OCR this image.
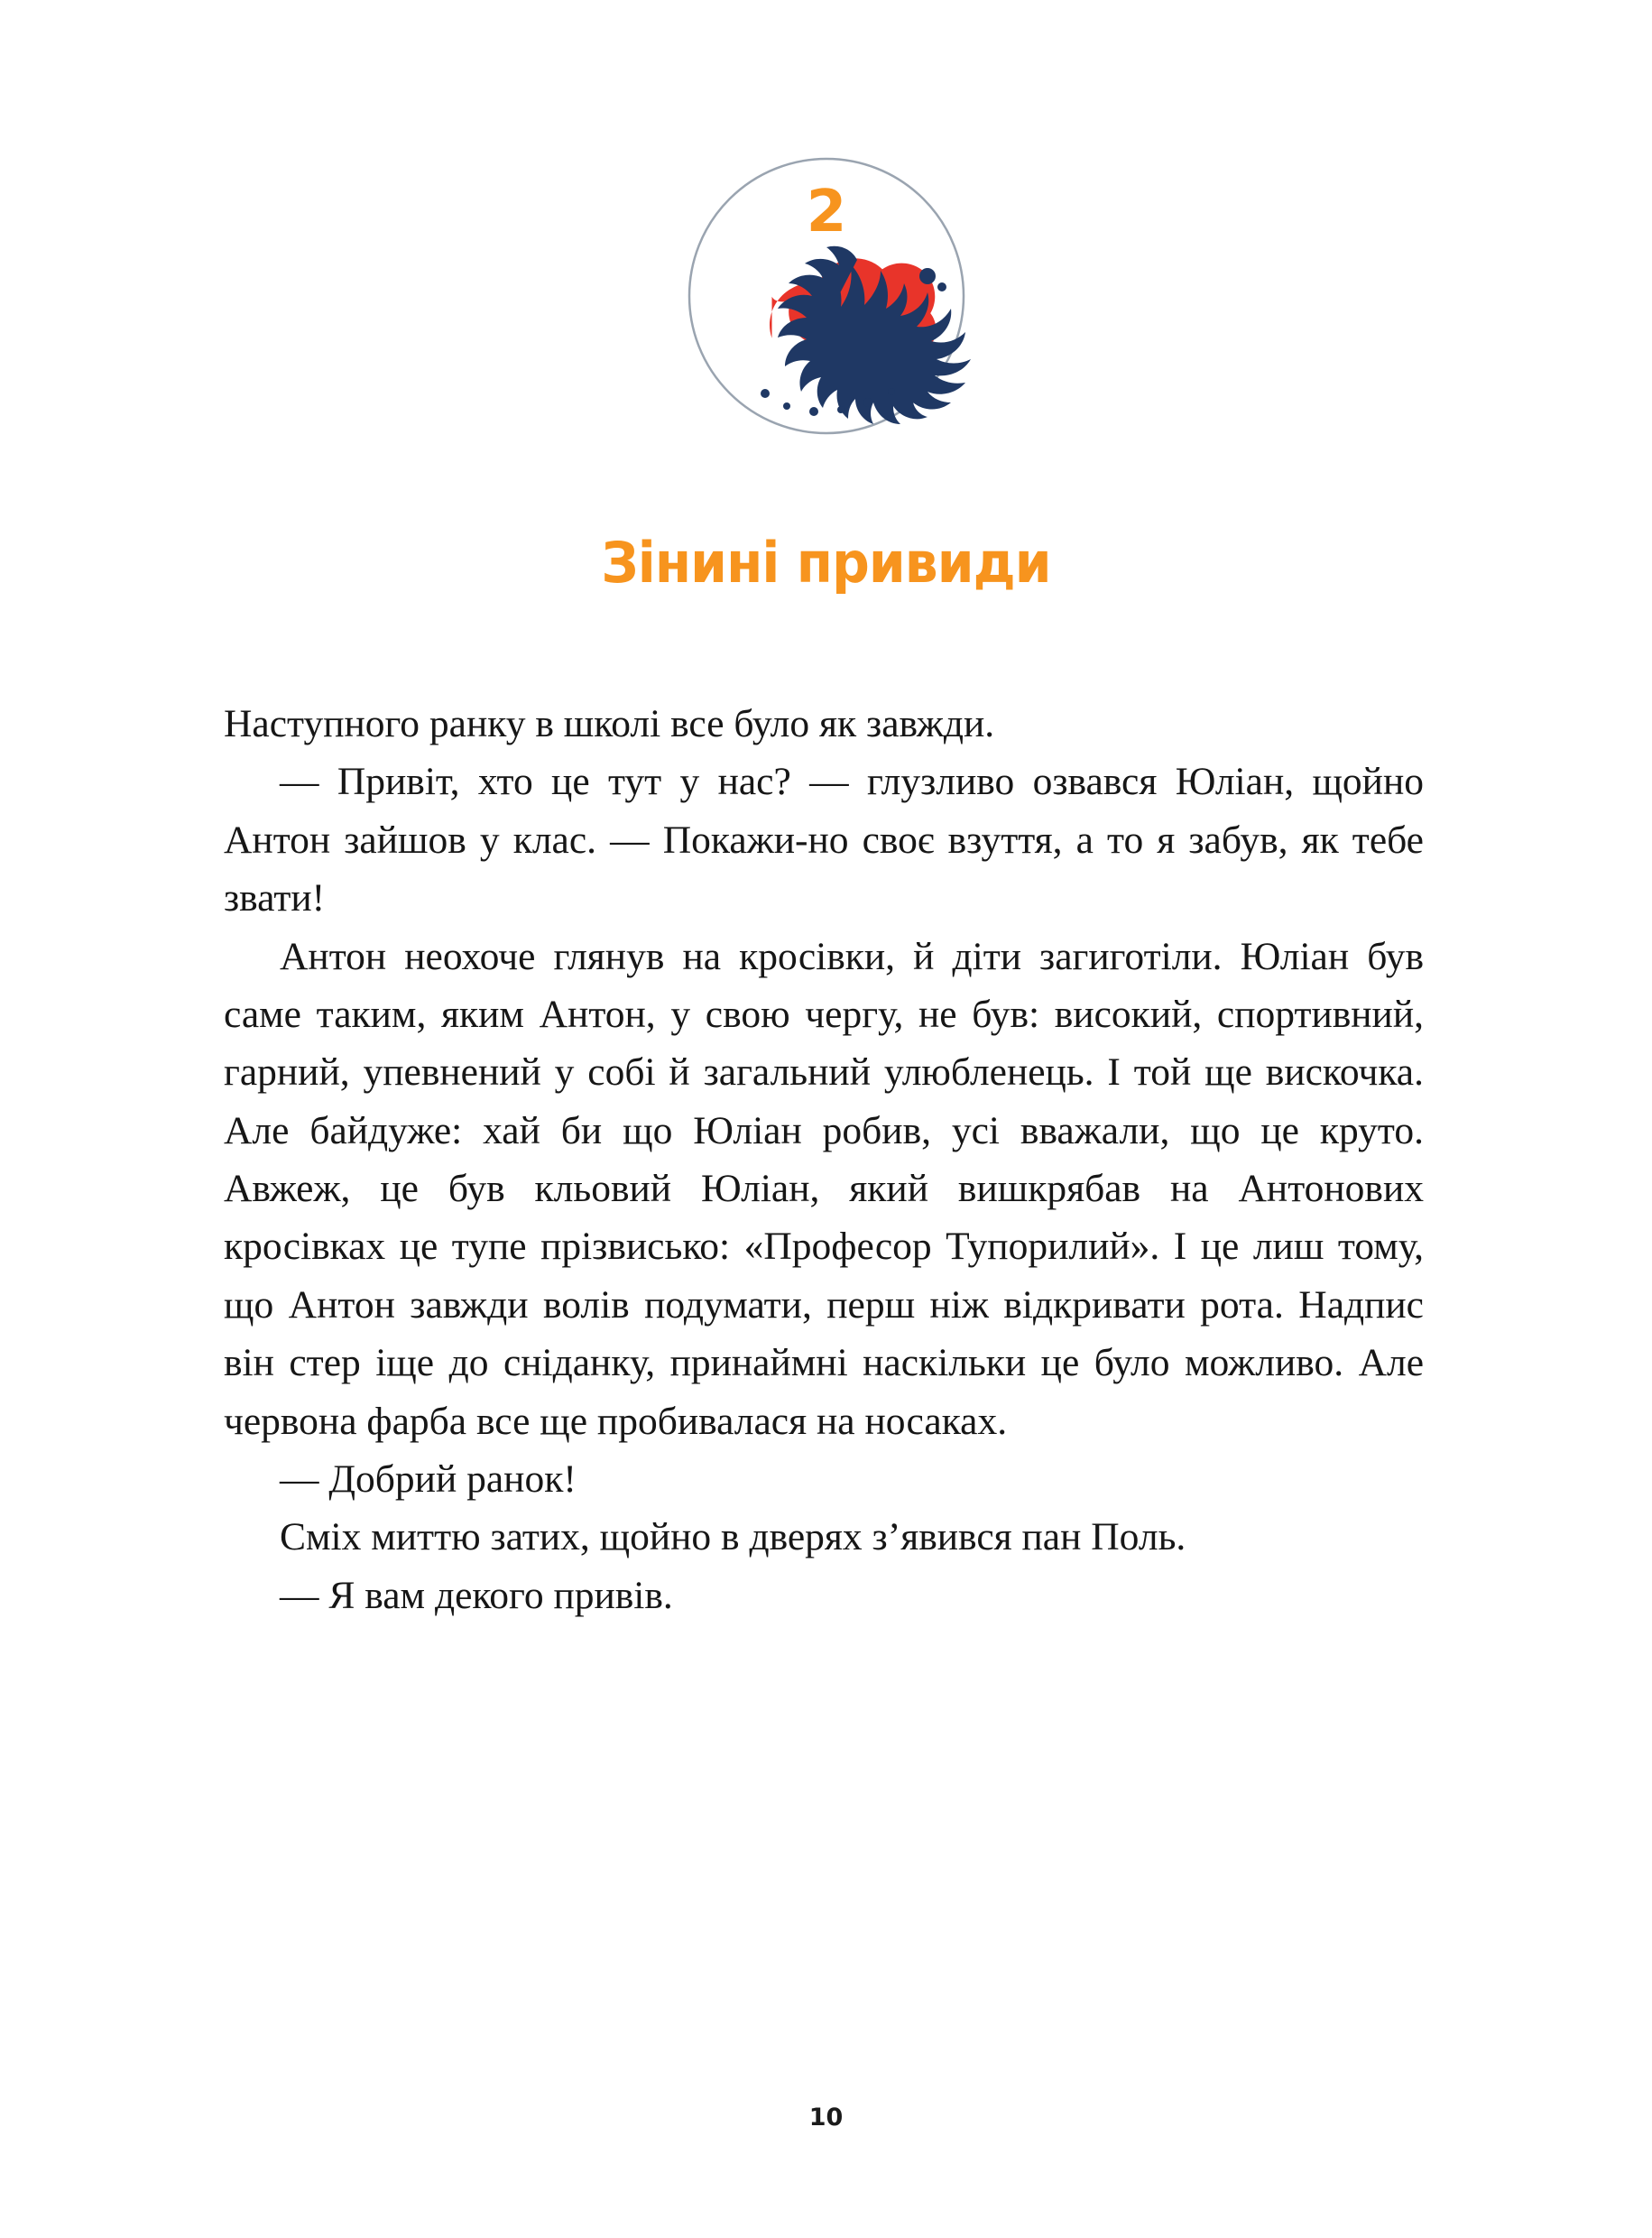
2
Зінині привиди

Наступного ранку в школі все було як завжди.

— Привіт, хто це тут у нас? — глузливо озвався Юліан, щойно Антон зайшов у клас. — Покажи-но своє взуття, а то я забув, як тебе звати!

Антон неохоче глянув на кросівки, й діти загиготіли. Юліан був саме таким, яким Антон, у свою чергу, не був: високий, спортивний, гарний, упевнений у собі й загальний улюбленець. І той ще вискочка. Але байдуже: хай би що Юліан робив, усі вважали, що це круто. Авжеж, це був кльовий Юліан, який вишкрябав на Антонових кросівках це тупе прізвисько: «Професор Тупорилий». І це лиш тому, що Антон завжди волів подумати, перш ніж відкривати рота. Надпис він стер іще до сніданку, принаймні наскільки це було можливо. Але червона фарба все ще пробивалася на носаках.

— Добрий ранок!

Сміх миттю затих, щойно в дверях з’явився пан Поль.

— Я вам декого привів.

10
